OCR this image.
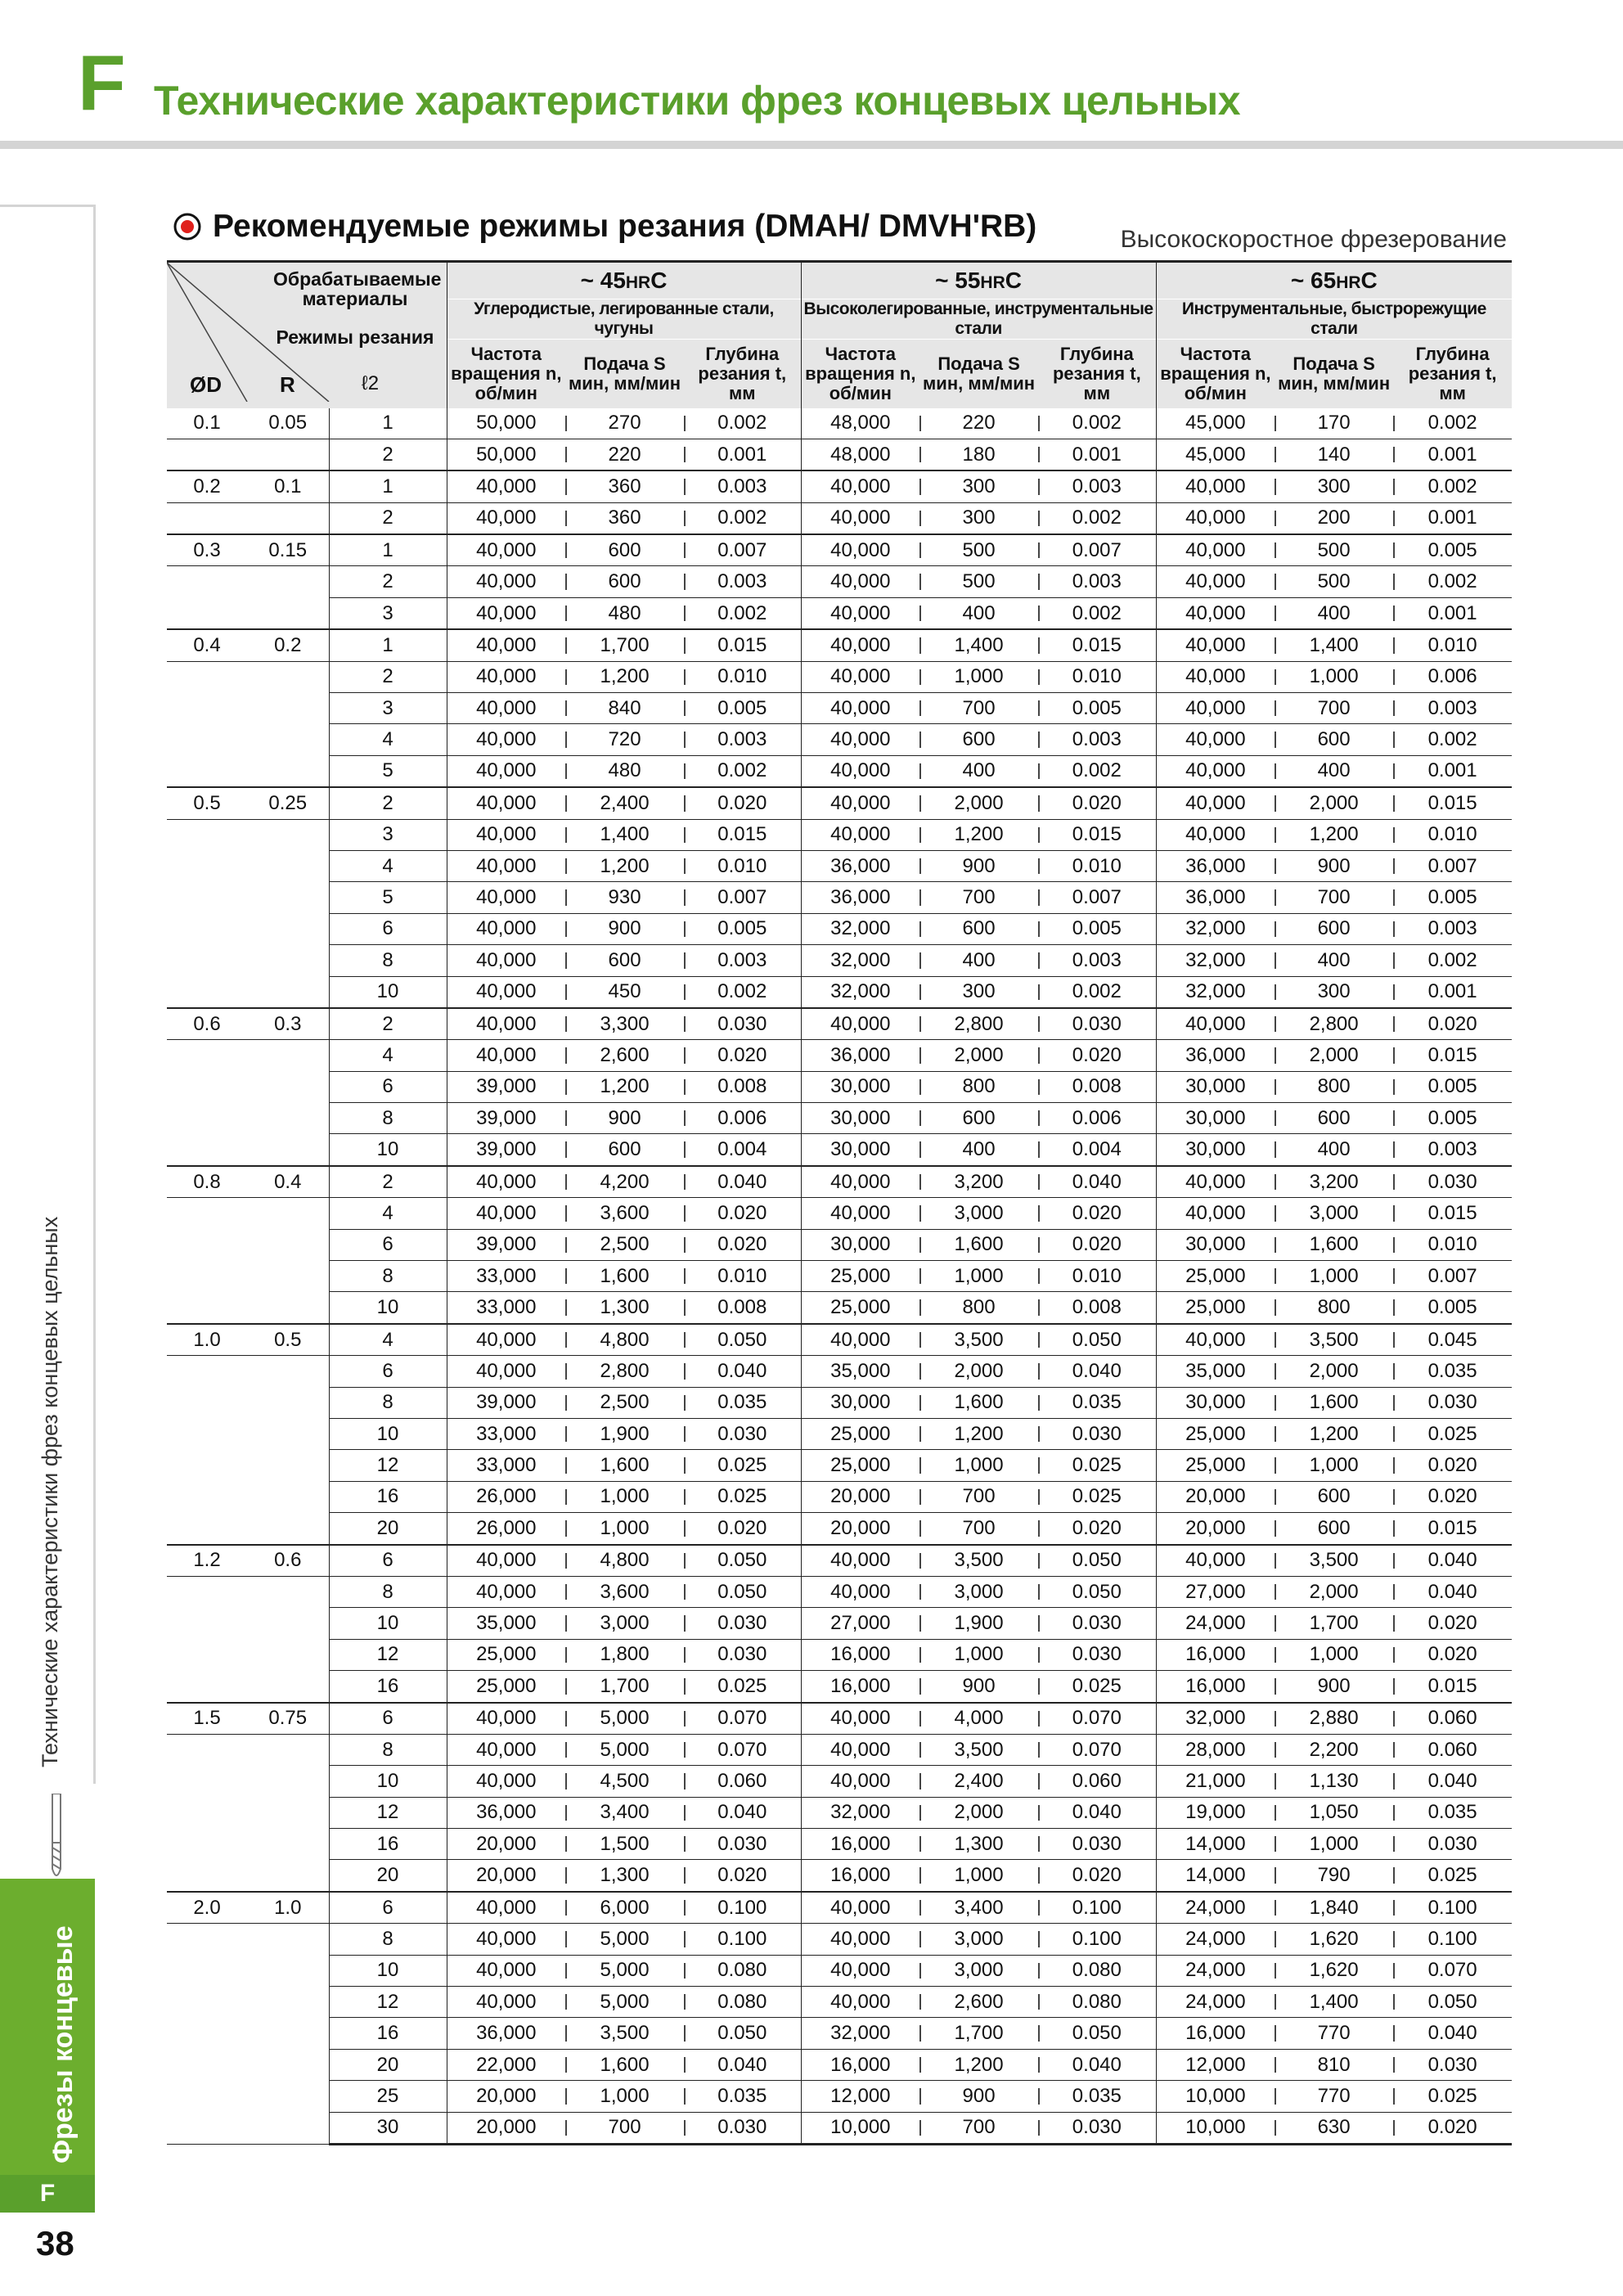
F Технические характеристики фрез концевых цельных
Технические характеристики фрез концевых цельных
Фрезы концевые
F
38
Рекомендуемые режимы резания (DMAH/ DMVH'RB)	Высокоскоростное фрезерование
Обрабатываемые материалы
Режимы резания
ØD R ℓ2			~ 45HRC			~ 55HRC			~ 65HRC		
			Углеродистые, легированные стали, чугуны			Высоколегированные, инструментальные стали			Инструментальные, быстрорежущие стали		
			Частота вращения n, об/мин	Подача S мин, мм/мин	Глубина резания t, мм	Частота вращения n, об/мин	Подача S мин, мм/мин	Глубина резания t, мм	Частота вращения n, об/мин	Подача S мин, мм/мин	Глубина резания t, мм
0.1	0.05	1	50,000	270	0.002	48,000	220	0.002	45,000	170	0.002
		2	50,000	220	0.001	48,000	180	0.001	45,000	140	0.001
0.2	0.1	1	40,000	360	0.003	40,000	300	0.003	40,000	300	0.002
		2	40,000	360	0.002	40,000	300	0.002	40,000	200	0.001
0.3	0.15	1	40,000	600	0.007	40,000	500	0.007	40,000	500	0.005
		2	40,000	600	0.003	40,000	500	0.003	40,000	500	0.002
		3	40,000	480	0.002	40,000	400	0.002	40,000	400	0.001
0.4	0.2	1	40,000	1,700	0.015	40,000	1,400	0.015	40,000	1,400	0.010
		2	40,000	1,200	0.010	40,000	1,000	0.010	40,000	1,000	0.006
		3	40,000	840	0.005	40,000	700	0.005	40,000	700	0.003
		4	40,000	720	0.003	40,000	600	0.003	40,000	600	0.002
		5	40,000	480	0.002	40,000	400	0.002	40,000	400	0.001
0.5	0.25	2	40,000	2,400	0.020	40,000	2,000	0.020	40,000	2,000	0.015
		3	40,000	1,400	0.015	40,000	1,200	0.015	40,000	1,200	0.010
		4	40,000	1,200	0.010	36,000	900	0.010	36,000	900	0.007
		5	40,000	930	0.007	36,000	700	0.007	36,000	700	0.005
		6	40,000	900	0.005	32,000	600	0.005	32,000	600	0.003
		8	40,000	600	0.003	32,000	400	0.003	32,000	400	0.002
		10	40,000	450	0.002	32,000	300	0.002	32,000	300	0.001
0.6	0.3	2	40,000	3,300	0.030	40,000	2,800	0.030	40,000	2,800	0.020
		4	40,000	2,600	0.020	36,000	2,000	0.020	36,000	2,000	0.015
		6	39,000	1,200	0.008	30,000	800	0.008	30,000	800	0.005
		8	39,000	900	0.006	30,000	600	0.006	30,000	600	0.005
		10	39,000	600	0.004	30,000	400	0.004	30,000	400	0.003
0.8	0.4	2	40,000	4,200	0.040	40,000	3,200	0.040	40,000	3,200	0.030
		4	40,000	3,600	0.020	40,000	3,000	0.020	40,000	3,000	0.015
		6	39,000	2,500	0.020	30,000	1,600	0.020	30,000	1,600	0.010
		8	33,000	1,600	0.010	25,000	1,000	0.010	25,000	1,000	0.007
		10	33,000	1,300	0.008	25,000	800	0.008	25,000	800	0.005
1.0	0.5	4	40,000	4,800	0.050	40,000	3,500	0.050	40,000	3,500	0.045
		6	40,000	2,800	0.040	35,000	2,000	0.040	35,000	2,000	0.035
		8	39,000	2,500	0.035	30,000	1,600	0.035	30,000	1,600	0.030
		10	33,000	1,900	0.030	25,000	1,200	0.030	25,000	1,200	0.025
		12	33,000	1,600	0.025	25,000	1,000	0.025	25,000	1,000	0.020
		16	26,000	1,000	0.025	20,000	700	0.025	20,000	600	0.020
		20	26,000	1,000	0.020	20,000	700	0.020	20,000	600	0.015
1.2	0.6	6	40,000	4,800	0.050	40,000	3,500	0.050	40,000	3,500	0.040
		8	40,000	3,600	0.050	40,000	3,000	0.050	27,000	2,000	0.040
		10	35,000	3,000	0.030	27,000	1,900	0.030	24,000	1,700	0.020
		12	25,000	1,800	0.030	16,000	1,000	0.030	16,000	1,000	0.020
		16	25,000	1,700	0.025	16,000	900	0.025	16,000	900	0.015
1.5	0.75	6	40,000	5,000	0.070	40,000	4,000	0.070	32,000	2,880	0.060
		8	40,000	5,000	0.070	40,000	3,500	0.070	28,000	2,200	0.060
		10	40,000	4,500	0.060	40,000	2,400	0.060	21,000	1,130	0.040
		12	36,000	3,400	0.040	32,000	2,000	0.040	19,000	1,050	0.035
		16	20,000	1,500	0.030	16,000	1,300	0.030	14,000	1,000	0.030
		20	20,000	1,300	0.020	16,000	1,000	0.020	14,000	790	0.025
2.0	1.0	6	40,000	6,000	0.100	40,000	3,400	0.100	24,000	1,840	0.100
		8	40,000	5,000	0.100	40,000	3,000	0.100	24,000	1,620	0.100
		10	40,000	5,000	0.080	40,000	3,000	0.080	24,000	1,620	0.070
		12	40,000	5,000	0.080	40,000	2,600	0.080	24,000	1,400	0.050
		16	36,000	3,500	0.050	32,000	1,700	0.050	16,000	770	0.040
		20	22,000	1,600	0.040	16,000	1,200	0.040	12,000	810	0.030
		25	20,000	1,000	0.035	12,000	900	0.035	10,000	770	0.025
		30	20,000	700	0.030	10,000	700	0.030	10,000	630	0.020
